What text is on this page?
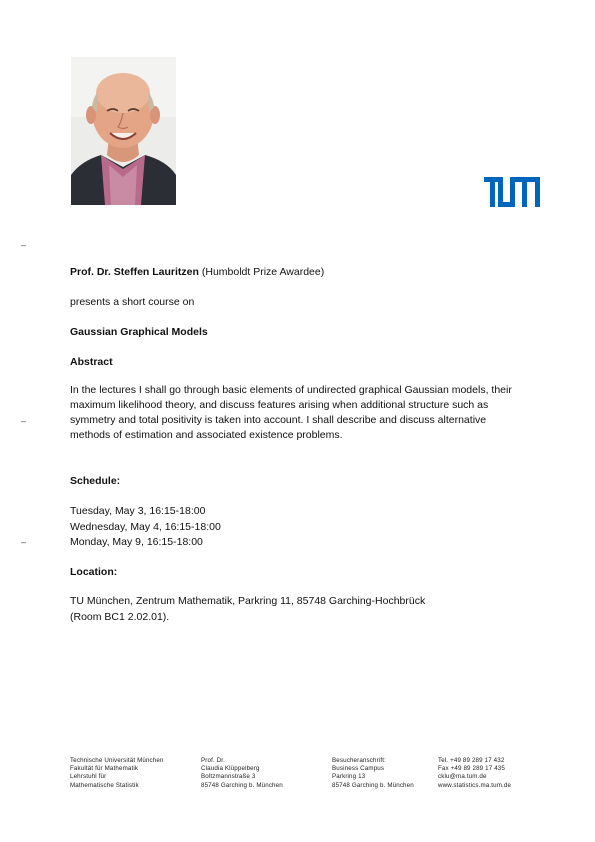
–
–
–
Prof. Dr. Steffen Lauritzen (Humboldt Prize Awardee)
presents a short course on
Gaussian Graphical Models
Abstract
In the lectures I shall go through basic elements of undirected graphical Gaussian models, their
maximum likelihood theory, and discuss features arising when additional structure such as
symmetry and total positivity is taken into account. I shall describe and discuss alternative
methods of estimation and associated existence problems.
Schedule:
Tuesday, May 3, 16:15-18:00
Wednesday, May 4, 16:15-18:00
Monday, May 9, 16:15-18:00
Location:
TU München, Zentrum Mathematik, Parkring 11, 85748 Garching-Hochbrück
(Room BC1 2.02.01).
Technische Universität München
Fakultät für Mathematik
Lehrstuhl für
Mathematische Statistik
Prof. Dr.
Claudia Klüppelberg
Boltzmannstraße 3
85748 Garching b. München
Besucheranschrift:
Business Campus
Parkring 13
85748 Garching b. München
Tel. +49 89 289 17 432
Fax +49 89 289 17 435
cklu@ma.tum.de
www.statistics.ma.tum.de
